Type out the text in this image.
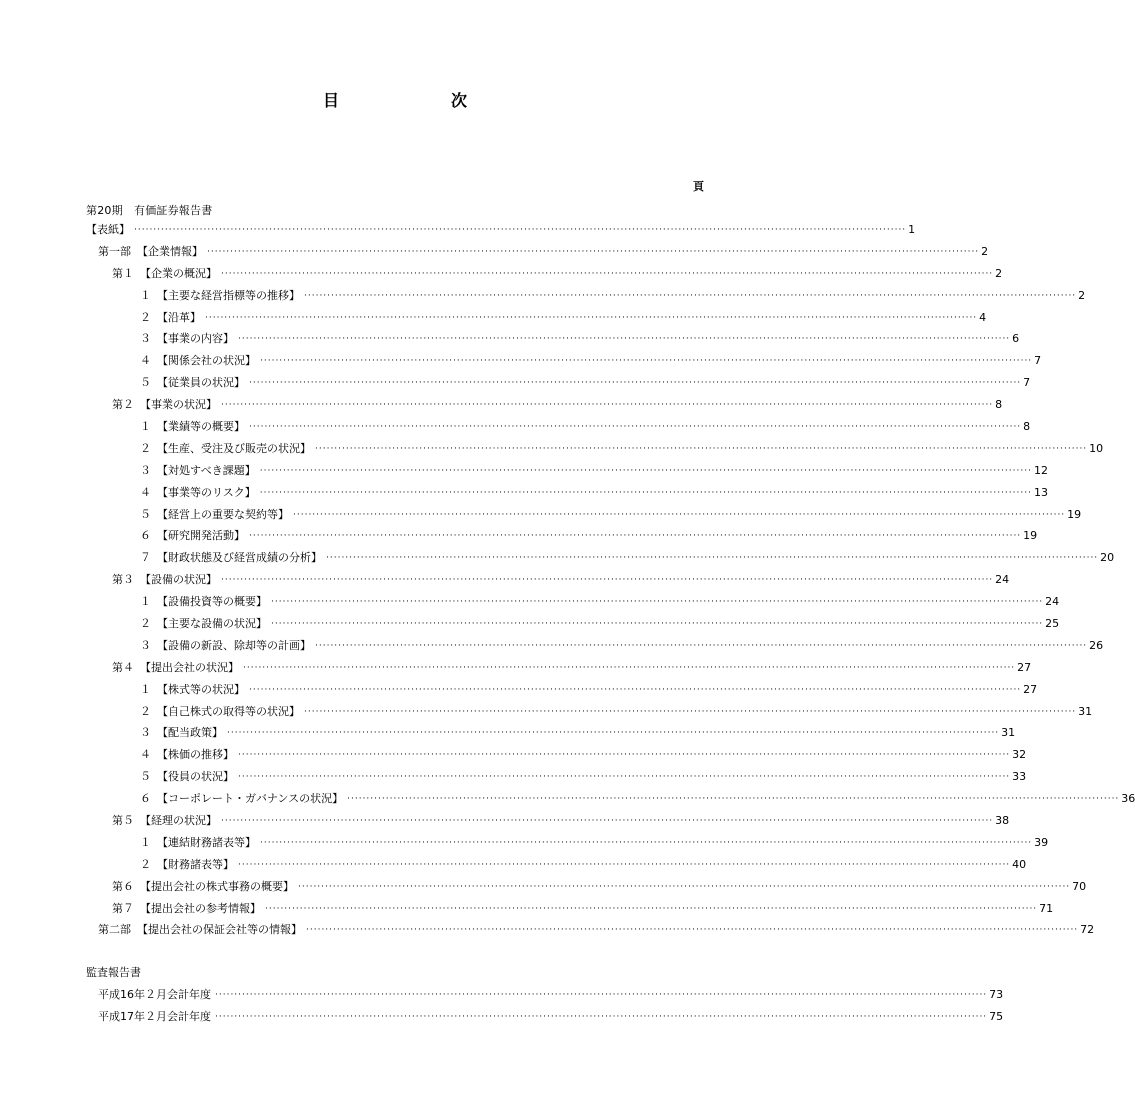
目	次
頁
第20期　有価証券報告書
【表紙】 ········································································································································································································ 1
第一部 【企業情報】 ········································································································································································································ 2
第１ 【企業の概況】 ········································································································································································································ 2
１ 【主要な経営指標等の推移】 ········································································································································································································ 2
２ 【沿革】 ········································································································································································································ 4
３ 【事業の内容】 ········································································································································································································ 6
４ 【関係会社の状況】 ········································································································································································································ 7
５ 【従業員の状況】 ········································································································································································································ 7
第２ 【事業の状況】 ········································································································································································································ 8
１ 【業績等の概要】 ········································································································································································································ 8
２ 【生産、受注及び販売の状況】 ········································································································································································································ 10
３ 【対処すべき課題】 ········································································································································································································ 12
４ 【事業等のリスク】 ········································································································································································································ 13
５ 【経営上の重要な契約等】 ········································································································································································································ 19
６ 【研究開発活動】 ········································································································································································································ 19
７ 【財政状態及び経営成績の分析】 ········································································································································································································ 20
第３ 【設備の状況】 ········································································································································································································ 24
１ 【設備投資等の概要】 ········································································································································································································ 24
２ 【主要な設備の状況】 ········································································································································································································ 25
３ 【設備の新設、除却等の計画】 ········································································································································································································ 26
第４ 【提出会社の状況】 ········································································································································································································ 27
１ 【株式等の状況】 ········································································································································································································ 27
２ 【自己株式の取得等の状況】 ········································································································································································································ 31
３ 【配当政策】 ········································································································································································································ 31
４ 【株価の推移】 ········································································································································································································ 32
５ 【役員の状況】 ········································································································································································································ 33
６ 【コーポレート・ガバナンスの状況】 ········································································································································································································ 36
第５ 【経理の状況】 ········································································································································································································ 38
１ 【連結財務諸表等】 ········································································································································································································ 39
２ 【財務諸表等】 ········································································································································································································ 40
第６ 【提出会社の株式事務の概要】 ········································································································································································································ 70
第７ 【提出会社の参考情報】 ········································································································································································································ 71
第二部 【提出会社の保証会社等の情報】 ········································································································································································································ 72
監査報告書
平成16年２月会計年度 ········································································································································································································ 73
平成17年２月会計年度 ········································································································································································································ 75
